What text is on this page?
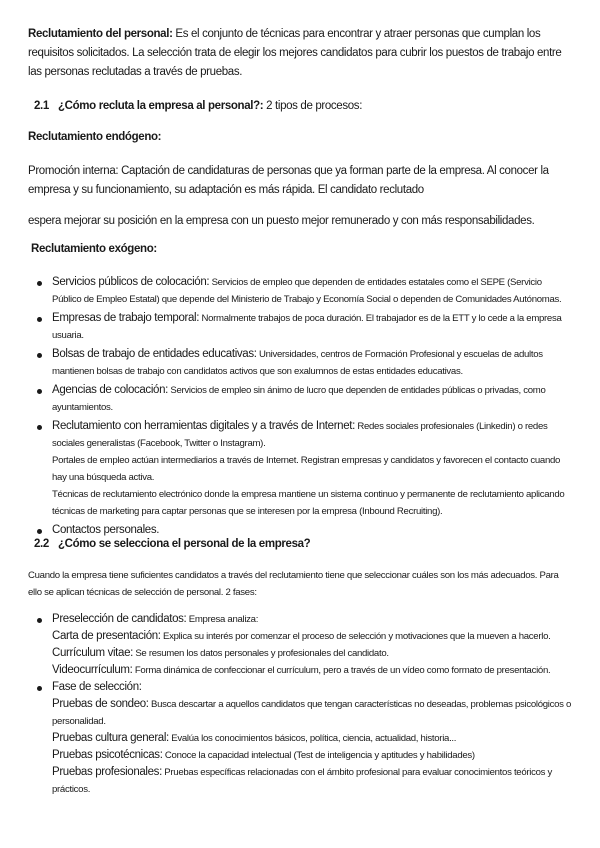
Reclutamiento del personal: Es el conjunto de técnicas para encontrar y atraer personas que cumplan los requisitos solicitados. La selección trata de elegir los mejores candidatos para cubrir los puestos de trabajo entre las personas reclutadas a través de pruebas.

2.1 ¿Cómo recluta la empresa al personal?: 2 tipos de procesos:

Reclutamiento endógeno:

Promoción interna: Captación de candidaturas de personas que ya forman parte de la empresa. Al conocer la empresa y su funcionamiento, su adaptación es más rápida. El candidato reclutado

espera mejorar su posición en la empresa con un puesto mejor remunerado y con más responsabilidades.

Reclutamiento exógeno:

Servicios públicos de colocación: Servicios de empleo que dependen de entidades estatales como el SEPE (Servicio Público de Empleo Estatal) que depende del Ministerio de Trabajo y Economía Social o dependen de Comunidades Autónomas.
Empresas de trabajo temporal: Normalmente trabajos de poca duración. El trabajador es de la ETT y lo cede a la empresa usuaria.
Bolsas de trabajo de entidades educativas: Universidades, centros de Formación Profesional y escuelas de adultos mantienen bolsas de trabajo con candidatos activos que son exalumnos de estas entidades educativas.
Agencias de colocación: Servicios de empleo sin ánimo de lucro que dependen de entidades públicas o privadas, como ayuntamientos.
Reclutamiento con herramientas digitales y a través de Internet: Redes sociales profesionales (Linkedin) o redes sociales generalistas (Facebook, Twitter o Instagram).
Portales de empleo actúan intermediarios a través de Internet. Registran empresas y candidatos y favorecen el contacto cuando hay una búsqueda activa.
Técnicas de reclutamiento electrónico donde la empresa mantiene un sistema continuo y permanente de reclutamiento aplicando técnicas de marketing para captar personas que se interesen por la empresa (Inbound Recruiting).
Contactos personales.

2.2 ¿Cómo se selecciona el personal de la empresa?

Cuando la empresa tiene suficientes candidatos a través del reclutamiento tiene que seleccionar cuáles son los más adecuados. Para ello se aplican técnicas de selección de personal. 2 fases:

Preselección de candidatos: Empresa analiza:
Carta de presentación: Explica su interés por comenzar el proceso de selección y motivaciones que la mueven a hacerlo.
Currículum vitae: Se resumen los datos personales y profesionales del candidato.
Videocurrículum: Forma dinámica de confeccionar el currículum, pero a través de un vídeo como formato de presentación.
Fase de selección:
Pruebas de sondeo: Busca descartar a aquellos candidatos que tengan características no deseadas, problemas psicológicos o personalidad.
Pruebas cultura general: Evalúa los conocimientos básicos, política, ciencia, actualidad, historia...
Pruebas psicotécnicas: Conoce la capacidad intelectual (Test de inteligencia y aptitudes y habilidades)
Pruebas profesionales: Pruebas específicas relacionadas con el ámbito profesional para evaluar conocimientos teóricos y prácticos.
